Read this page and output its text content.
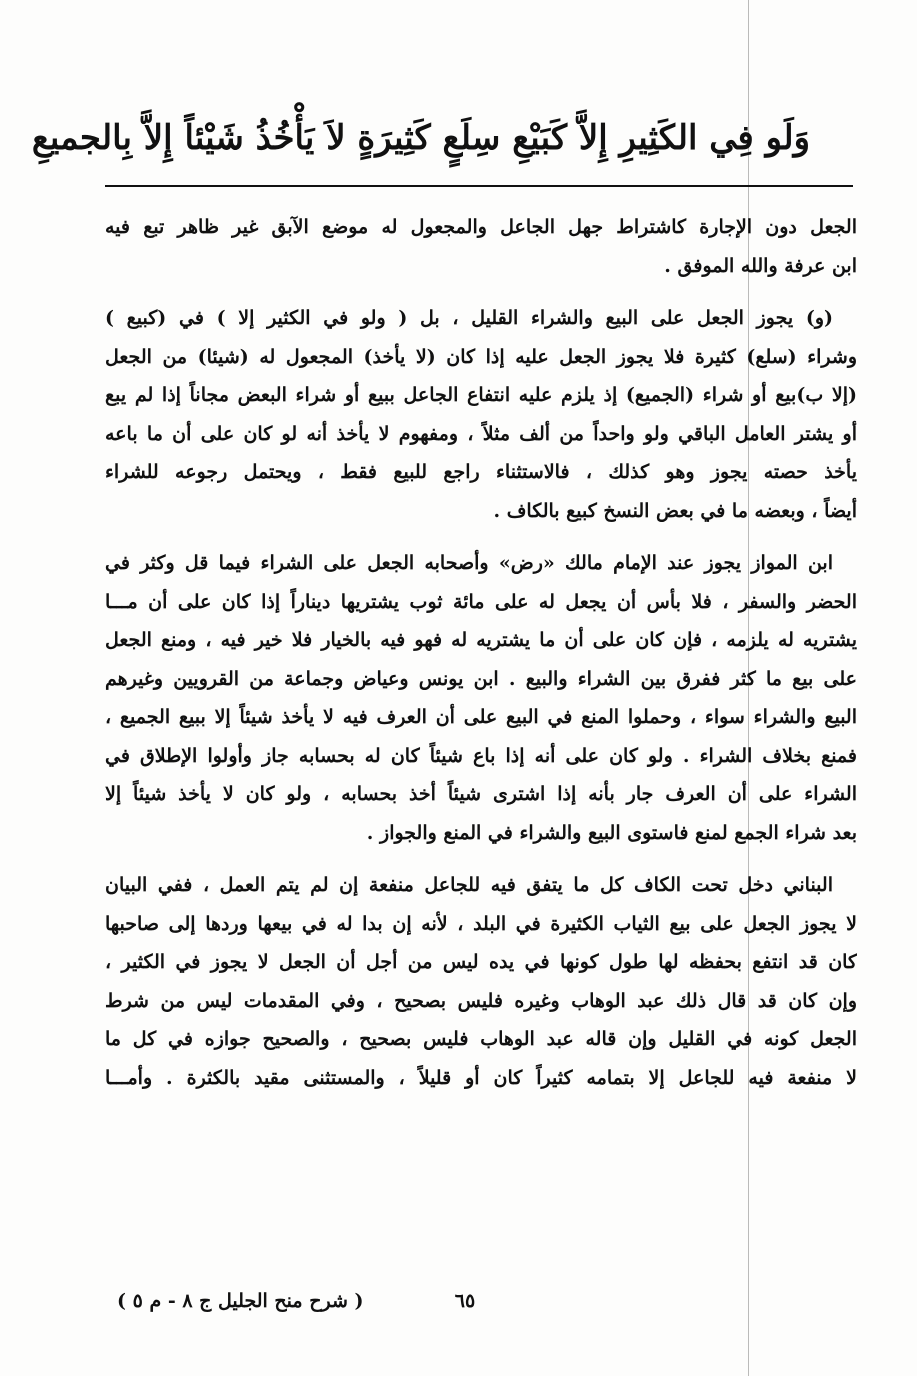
وَلَو فِي الكَثِيرِ إِلاَّ كَبَيْعِ سِلَعٍ كَثِيرَةٍ لاَ يَأْخُذُ شَيْئاً إِلاَّ بِالجميعِ

الجعل دون الإجارة كاشتراط جهل الجاعل والمجعول له موضع الآبق غير ظاهر تبع فيه
ابن عرفة والله الموفق .

(و) يجوز الجعل على البيع والشراء القليل ، بل ( ولو في الكثير إلا ) في (كبيع )
وشراء (سلع) كثيرة فلا يجوز الجعل عليه إذا كان (لا يأخذ) المجعول له (شيئا) من الجعل
(إلا ب)بيع أو شراء (الجميع) إذ يلزم عليه انتفاع الجاعل ببيع أو شراء البعض مجاناً إذا لم يبع
أو يشتر العامل الباقي ولو واحداً من ألف مثلاً ، ومفهوم لا يأخذ أنه لو كان على أن ما باعه
يأخذ حصته يجوز وهو كذلك ، فالاستثناء راجع للبيع فقط ، ويحتمل رجوعه للشراء
أيضاً ، وبعضه ما في بعض النسخ كبيع بالكاف .

ابن المواز يجوز عند الإمام مالك «رض» وأصحابه الجعل على الشراء فيما قل وكثر في
الحضر والسفر ، فلا بأس أن يجعل له على مائة ثوب يشتريها ديناراً إذا كان على أن مـــا
يشتريه له يلزمه ، فإن كان على أن ما يشتريه له فهو فيه بالخيار فلا خير فيه ، ومنع الجعل
على بيع ما كثر ففرق بين الشراء والبيع . ابن يونس وعياض وجماعة من القرويين وغيرهم
البيع والشراء سواء ، وحملوا المنع في البيع على أن العرف فيه لا يأخذ شيئاً إلا ببيع الجميع ،
فمنع بخلاف الشراء . ولو كان على أنه إذا باع شيئاً كان له بحسابه جاز وأولوا الإطلاق في
الشراء على أن العرف جار بأنه إذا اشترى شيئاً أخذ بحسابه ، ولو كان لا يأخذ شيئاً إلا
بعد شراء الجمع لمنع فاستوى البيع والشراء في المنع والجواز .

البناني دخل تحت الكاف كل ما يتفق فيه للجاعل منفعة إن لم يتم العمل ، ففي البيان
لا يجوز الجعل على بيع الثياب الكثيرة في البلد ، لأنه إن بدا له في بيعها وردها إلى صاحبها
كان قد انتفع بحفظه لها طول كونها في يده ليس من أجل أن الجعل لا يجوز في الكثير ،
وإن كان قد قال ذلك عبد الوهاب وغيره فليس بصحيح ، وفي المقدمات ليس من شرط
الجعل كونه في القليل وإن قاله عبد الوهاب فليس بصحيح ، والصحيح جوازه في كل ما
لا منفعة فيه للجاعل إلا بتمامه كثيراً كان أو قليلاً ، والمستثنى مقيد بالكثرة . وأمـــا

٦٥
( شرح منح الجليل ج ٨ - م ٥ )
